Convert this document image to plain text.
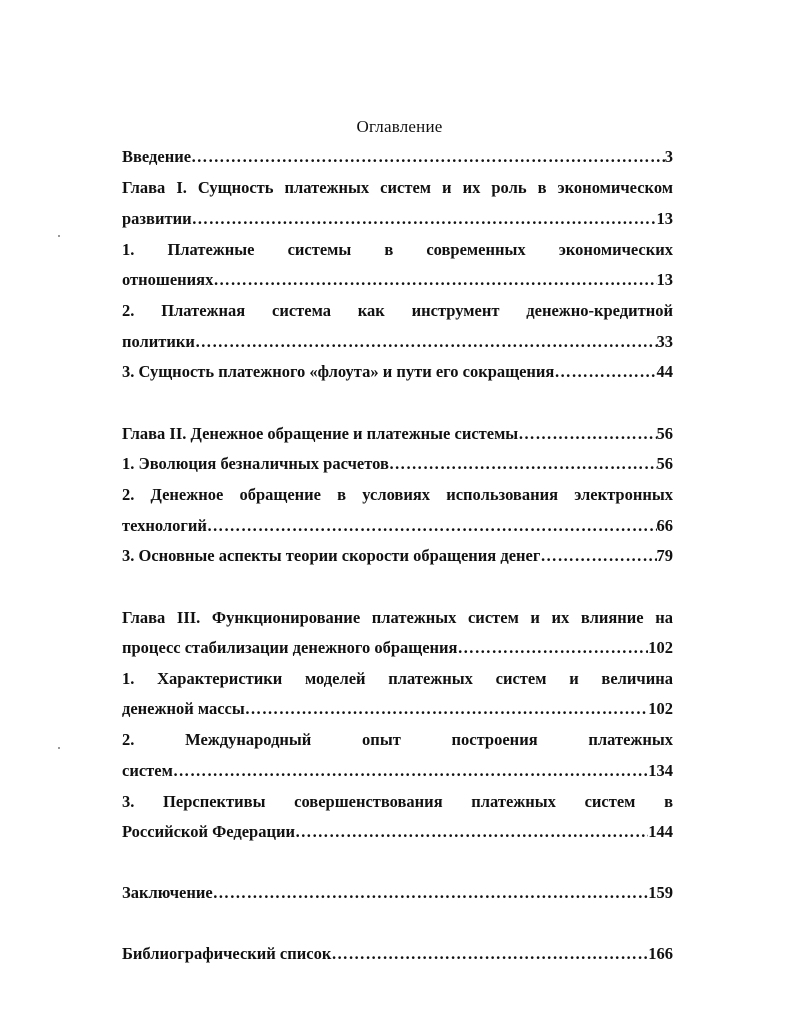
Оглавление
Введение ……………………………………………………………………………………………………………………………………	3
Глава I. Сущность платежных систем и их роль в экономическом
развитии ……………………………………………………………………………………………………………………………………	13
1. Платежные системы в современных экономических
отношениях ……………………………………………………………………………………………………………………………………	13
2. Платежная система как инструмент денежно-кредитной
политики ……………………………………………………………………………………………………………………………………	33
3. Сущность платежного «флоута» и пути его сокращения ……………………………………………………………………………………………………………………………………	44
Глава II. Денежное обращение и платежные системы ……………………………………………………………………………………………………………………………………	56
1. Эволюция безналичных расчетов ……………………………………………………………………………………………………………………………………	56
2. Денежное обращение в условиях использования электронных
технологий ……………………………………………………………………………………………………………………………………	66
3. Основные аспекты теории скорости обращения денег ……………………………………………………………………………………………………………………………………	79
Глава III. Функционирование платежных систем и их влияние на
процесс стабилизации денежного обращения ……………………………………………………………………………………………………………………………………	102
1. Характеристики моделей платежных систем и величина
денежной массы ……………………………………………………………………………………………………………………………………	102
2. Международный опыт построения платежных
систем ……………………………………………………………………………………………………………………………………	134
3. Перспективы совершенствования платежных систем в
Российской Федерации ……………………………………………………………………………………………………………………………………	144
Заключение ……………………………………………………………………………………………………………………………………	159
Библиографический список ……………………………………………………………………………………………………………………………………	166
